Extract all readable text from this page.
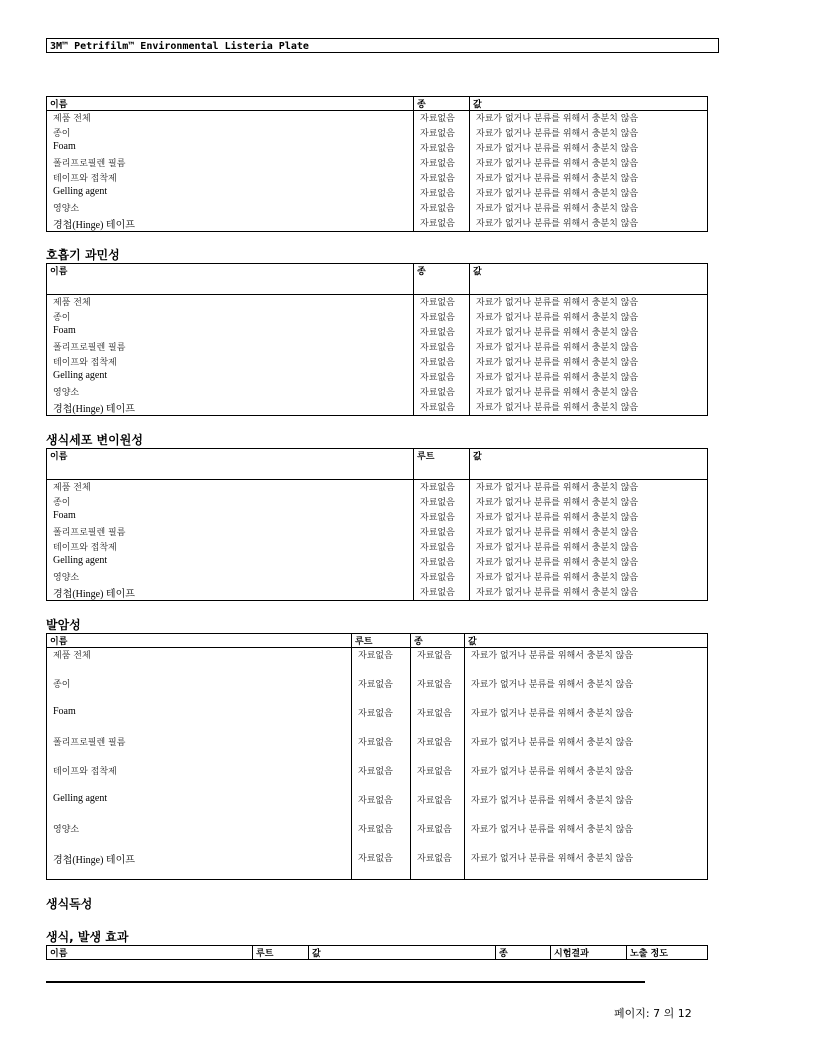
3M™ Petrifilm™ Environmental Listeria Plate
이름	종	값
제품 전체	자료없음	자료가 없거나 분류를 위해서 충분치 않음
종이	자료없음	자료가 없거나 분류를 위해서 충분치 않음
Foam	자료없음	자료가 없거나 분류를 위해서 충분치 않음
폴리프로필렌 필름	자료없음	자료가 없거나 분류를 위해서 충분치 않음
테이프와 접착제	자료없음	자료가 없거나 분류를 위해서 충분치 않음
Gelling agent	자료없음	자료가 없거나 분류를 위해서 충분치 않음
영양소	자료없음	자료가 없거나 분류를 위해서 충분치 않음
경첩(Hinge) 테이프	자료없음	자료가 없거나 분류를 위해서 충분치 않음
호흡기 과민성
이름	종	값
제품 전체	자료없음	자료가 없거나 분류를 위해서 충분치 않음
종이	자료없음	자료가 없거나 분류를 위해서 충분치 않음
Foam	자료없음	자료가 없거나 분류를 위해서 충분치 않음
폴리프로필렌 필름	자료없음	자료가 없거나 분류를 위해서 충분치 않음
테이프와 접착제	자료없음	자료가 없거나 분류를 위해서 충분치 않음
Gelling agent	자료없음	자료가 없거나 분류를 위해서 충분치 않음
영양소	자료없음	자료가 없거나 분류를 위해서 충분치 않음
경첩(Hinge) 테이프	자료없음	자료가 없거나 분류를 위해서 충분치 않음
생식세포 변이원성
이름	루트	값
제품 전체	자료없음	자료가 없거나 분류를 위해서 충분치 않음
종이	자료없음	자료가 없거나 분류를 위해서 충분치 않음
Foam	자료없음	자료가 없거나 분류를 위해서 충분치 않음
폴리프로필렌 필름	자료없음	자료가 없거나 분류를 위해서 충분치 않음
테이프와 접착제	자료없음	자료가 없거나 분류를 위해서 충분치 않음
Gelling agent	자료없음	자료가 없거나 분류를 위해서 충분치 않음
영양소	자료없음	자료가 없거나 분류를 위해서 충분치 않음
경첩(Hinge) 테이프	자료없음	자료가 없거나 분류를 위해서 충분치 않음
발암성
이름	루트	종	값
제품 전체	자료없음	자료없음	자료가 없거나 분류를 위해서 충분치 않음
종이	자료없음	자료없음	자료가 없거나 분류를 위해서 충분치 않음
Foam	자료없음	자료없음	자료가 없거나 분류를 위해서 충분치 않음
폴리프로필렌 필름	자료없음	자료없음	자료가 없거나 분류를 위해서 충분치 않음
테이프와 접착제	자료없음	자료없음	자료가 없거나 분류를 위해서 충분치 않음
Gelling agent	자료없음	자료없음	자료가 없거나 분류를 위해서 충분치 않음
영양소	자료없음	자료없음	자료가 없거나 분류를 위해서 충분치 않음
경첩(Hinge) 테이프	자료없음	자료없음	자료가 없거나 분류를 위해서 충분치 않음
생식독성
생식, 발생 효과
이름	루트	값	종	시험결과	노출 정도
페이지: 7 의 12
